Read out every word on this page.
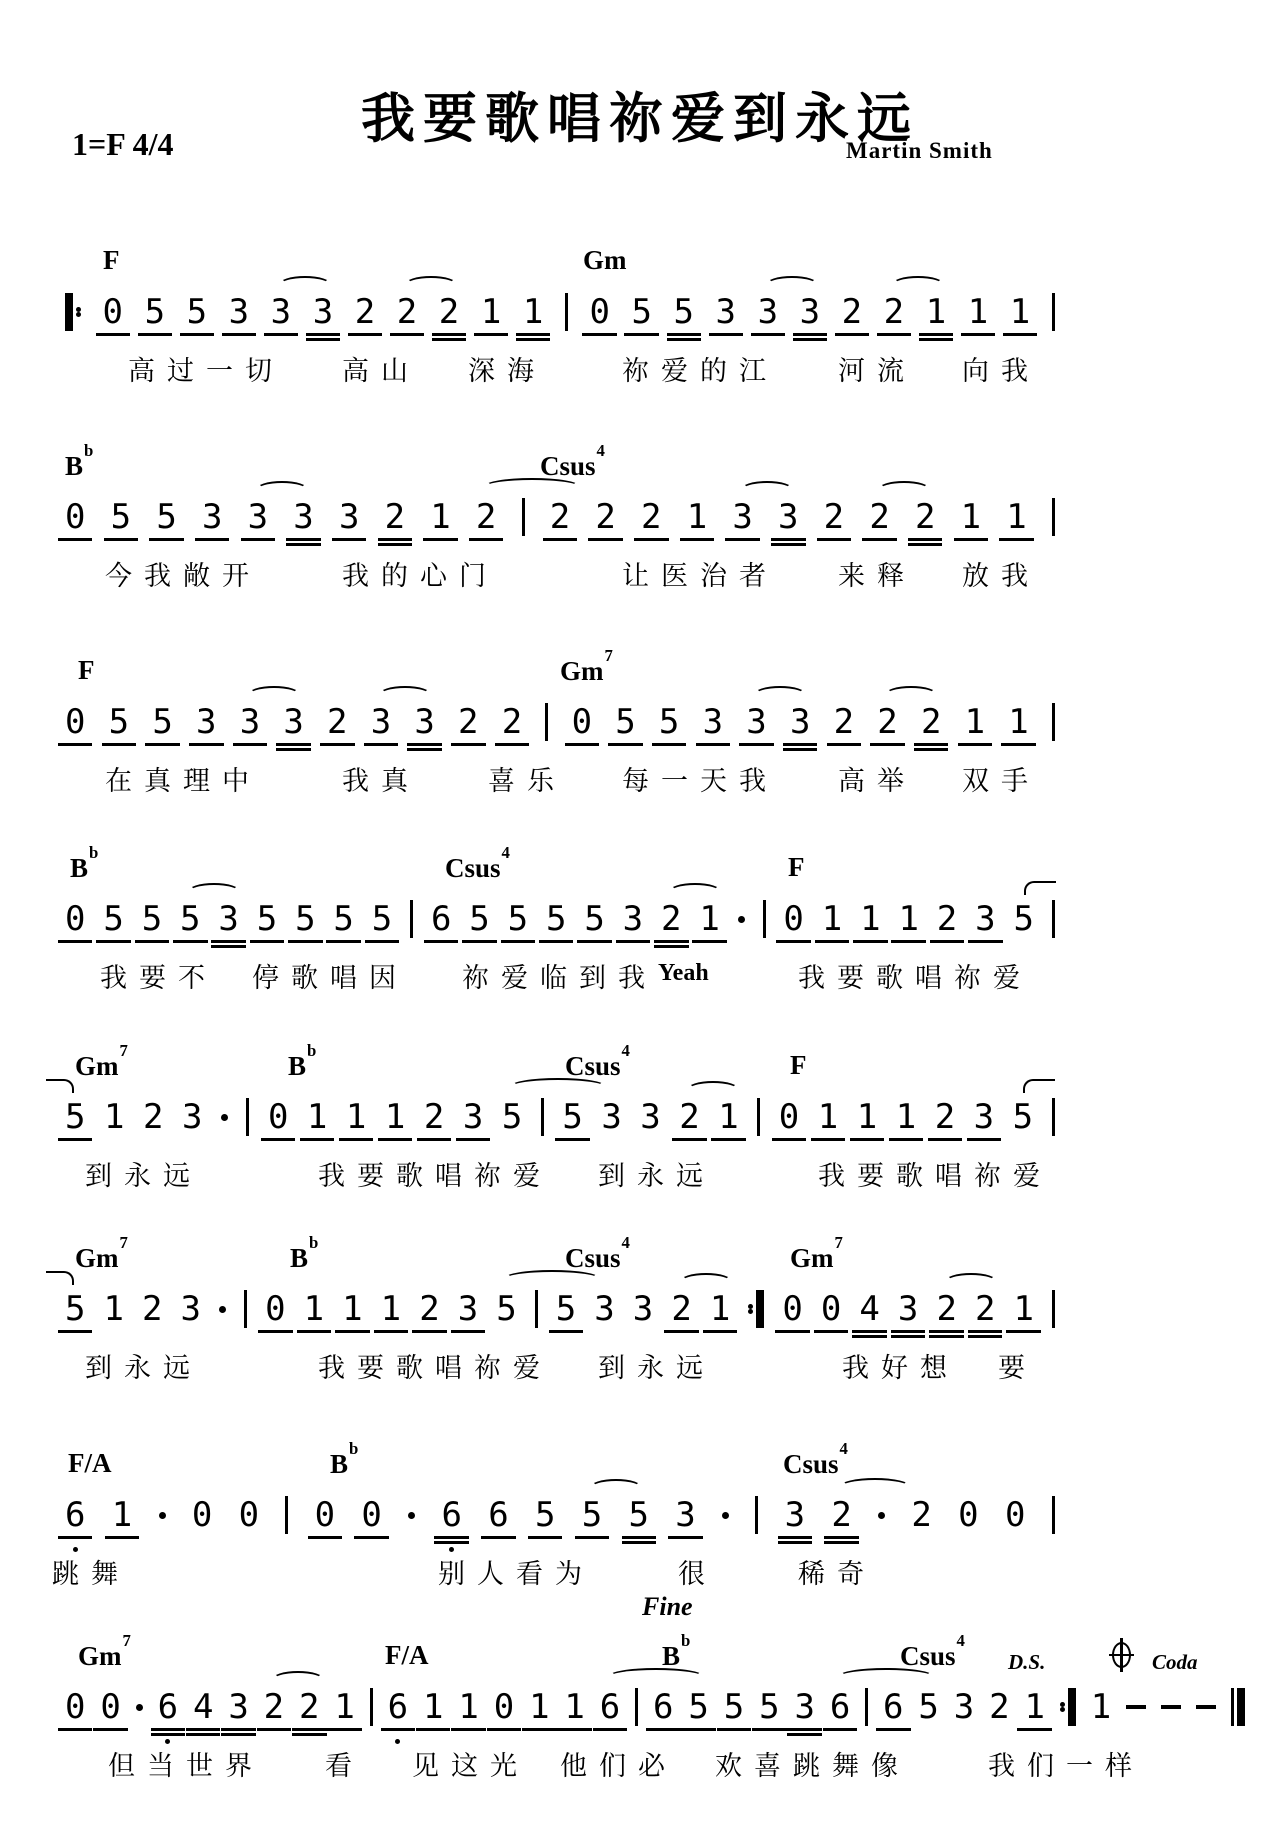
我要歌唱祢爱到永远
1=F 4/4	Martin Smith
F	Gm
0 5 5 3 3 3 2 2 2 1 1 0 5 5 3 3 3 2 2 1 1 1
高过一切 高山 深海	祢爱的江 河流 向我
$B^b$
Csus$^4$
0 5 5 3 3 3 3 2 1 2 2 2 2 1 3 3 2 2 2 1 1
今我敞开	我的心门	让医治者 来释 放我
F	Gm$^7$
0 5 5 3 3 3 2 3 3 2 2 0 5 5 3 3 3 2 2 2 1 1
在真理中	我真	喜乐 每一天我 高举 双手
$B^b$
Csus$^4$	F
0 5 5 5 3 5 5 5 5 6 5 5 5 5 3 2 1 0 1 1 1 2 3 5
我要不 停歌唱因 祢爱临到我 Yeah	我要歌唱祢爱
Gm$^7$
$B^b$
Csus$^4$	F
5 1 2 3 0 1 1 1 2 3 5 5 3 3 2 1 0 1 1 1 2 3 5
到永远	我要歌唱祢爱 到永远	我要歌唱祢爱
Gm$^7$
$B^b$
Csus$^4$
Gm$^7$
5 1 2 3 0 1 1 1 2 3 5 5 3 3 2 1 0 0 4 3 2 2 1
到永远	我要歌唱祢爱 到永远	我好想 要
F/A	$B^b$
Csus$^4$
6 1 0 0 0 0 6 6 5 5 5 3	3 2 2 0 0
跳舞	别人看为	很	稀奇
Gm$^7$	F/A	$B^b$
Csus$^4$
D.S.	Coda
0 0 6 4 3 2 2 1 6 1 1 0 1 1 6 6 5 5 5 3 6 6 5 3 2 1 1
但当世界 看 见这光 他们必 欢喜跳舞像	我们一样
Fine
